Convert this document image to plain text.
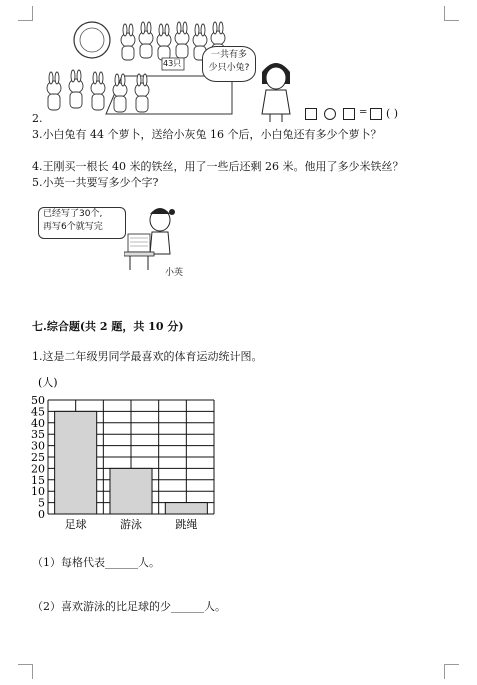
43只
一共有多
少只小兔?
2.	= ( )
3.小白兔有 44 个萝卜，送给小灰兔 16 个后，小白兔还有多少个萝卜？
4.王刚买一根长 40 米的铁丝，用了一些后还剩 26 米。他用了多少米铁丝？
5.小英一共要写多少个字?
已经写了30个,
再写6个就写完
小英
七.综合题(共 2 题，共 10 分)
1.这是二年级男同学最喜欢的体育运动统计图。
0
5
10
15
20
25
30
35
40
45
50
足球	游泳	跳绳
(人)
（1）每格代表______人。
（2）喜欢游泳的比足球的少______人。
